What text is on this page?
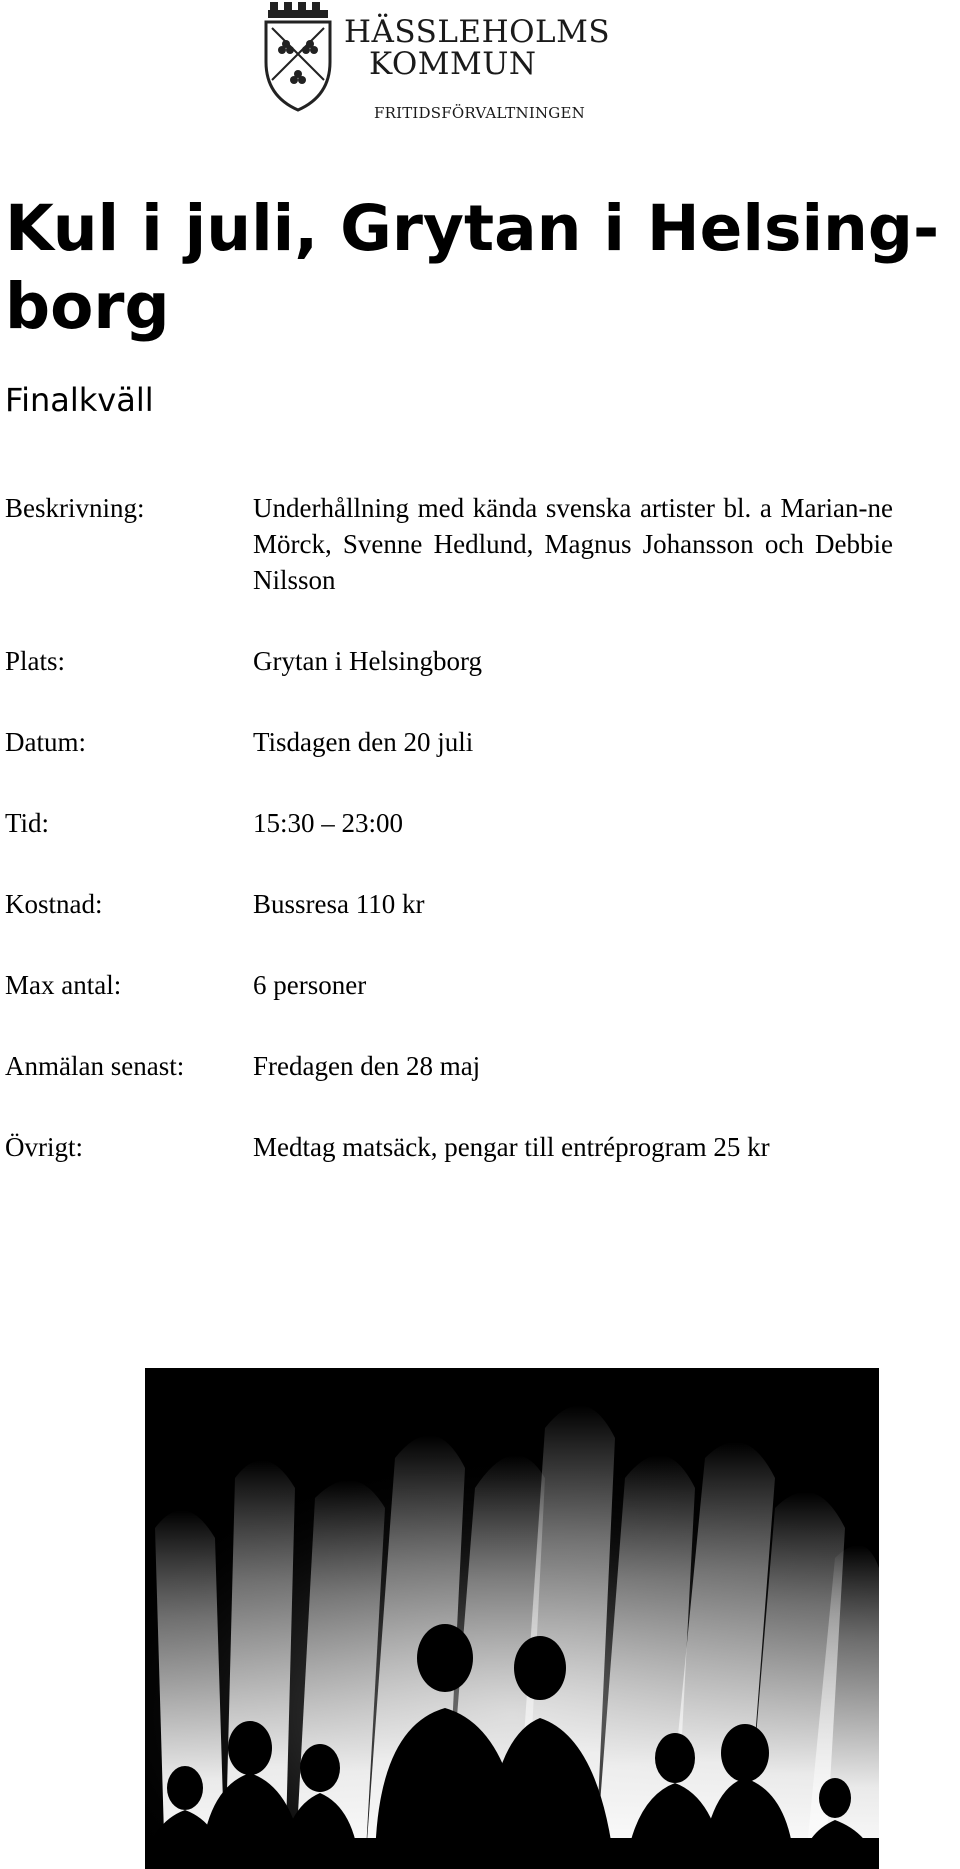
HÄSSLEHOLMS
KOMMUN
FRITIDSFÖRVALTNINGEN
Kul i juli, Grytan i Helsing-borg
Finalkväll
Beskrivning:	Underhållning med kända svenska artister bl. a Marian-ne Mörck, Svenne Hedlund, Magnus Johansson och Debbie Nilsson
Plats:	Grytan i Helsingborg
Datum:	Tisdagen den 20 juli
Tid:	15:30 – 23:00
Kostnad:	Bussresa 110 kr
Max antal:	6 personer
Anmälan senast:	Fredagen den 28 maj
Övrigt:	Medtag matsäck, pengar till entréprogram 25 kr
